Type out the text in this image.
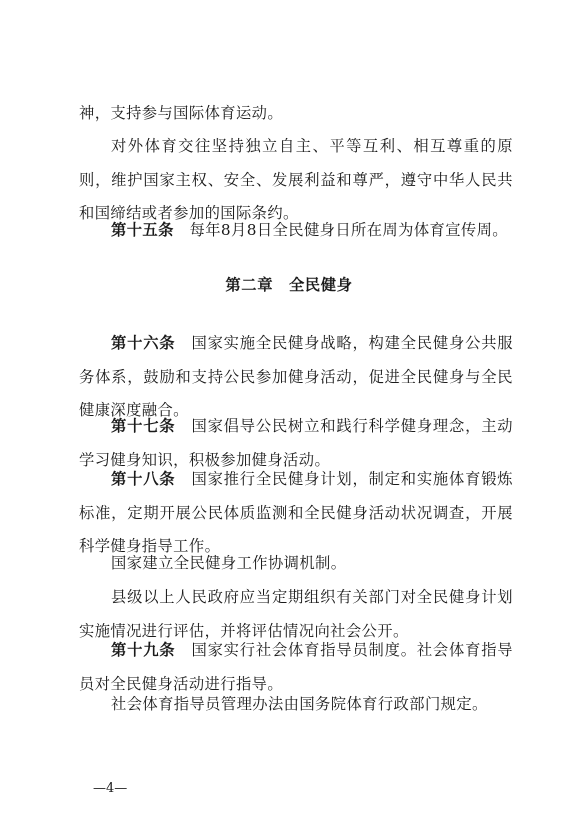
神，支持参与国际体育运动。

对外体育交往坚持独立自主、平等互利、相互尊重的原则，维护国家主权、安全、发展利益和尊严，遵守中华人民共和国缔结或者参加的国际条约。

第十五条　每年8月8日全民健身日所在周为体育宣传周。

第二章　全民健身

第十六条　国家实施全民健身战略，构建全民健身公共服务体系，鼓励和支持公民参加健身活动，促进全民健身与全民健康深度融合。

第十七条　国家倡导公民树立和践行科学健身理念，主动学习健身知识，积极参加健身活动。

第十八条　国家推行全民健身计划，制定和实施体育锻炼标准，定期开展公民体质监测和全民健身活动状况调查，开展科学健身指导工作。

国家建立全民健身工作协调机制。

县级以上人民政府应当定期组织有关部门对全民健身计划实施情况进行评估，并将评估情况向社会公开。

第十九条　国家实行社会体育指导员制度。社会体育指导员对全民健身活动进行指导。

社会体育指导员管理办法由国务院体育行政部门规定。

—4—
